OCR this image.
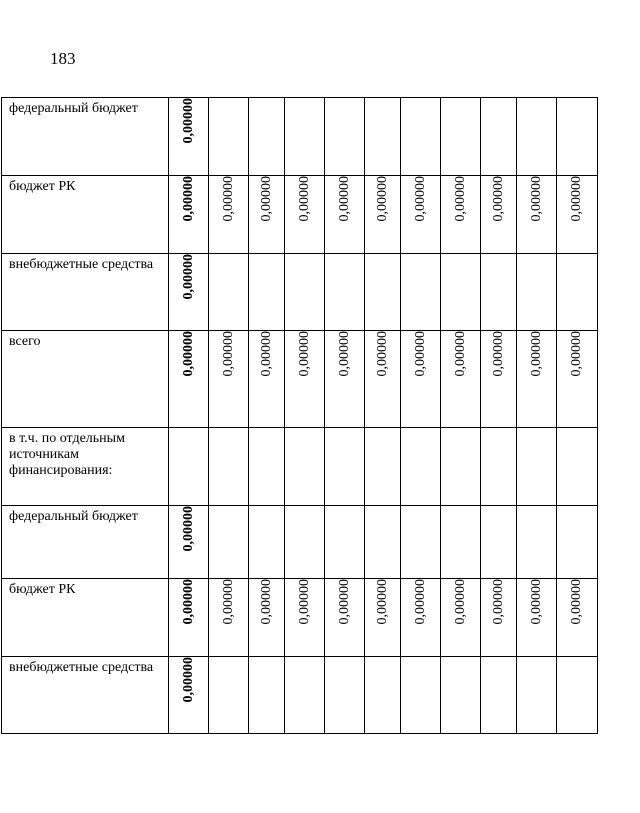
183
федеральный бюджет	0,00000										
бюджет РК	0,00000	0,00000	0,00000	0,00000	0,00000	0,00000	0,00000	0,00000	0,00000	0,00000	0,00000
внебюджетные средства	0,00000										
всего	0,00000	0,00000	0,00000	0,00000	0,00000	0,00000	0,00000	0,00000	0,00000	0,00000	0,00000
в т.ч. по отдельным источникам финансирования:											
федеральный бюджет	0,00000										
бюджет РК	0,00000	0,00000	0,00000	0,00000	0,00000	0,00000	0,00000	0,00000	0,00000	0,00000	0,00000
внебюджетные средства	0,00000										
